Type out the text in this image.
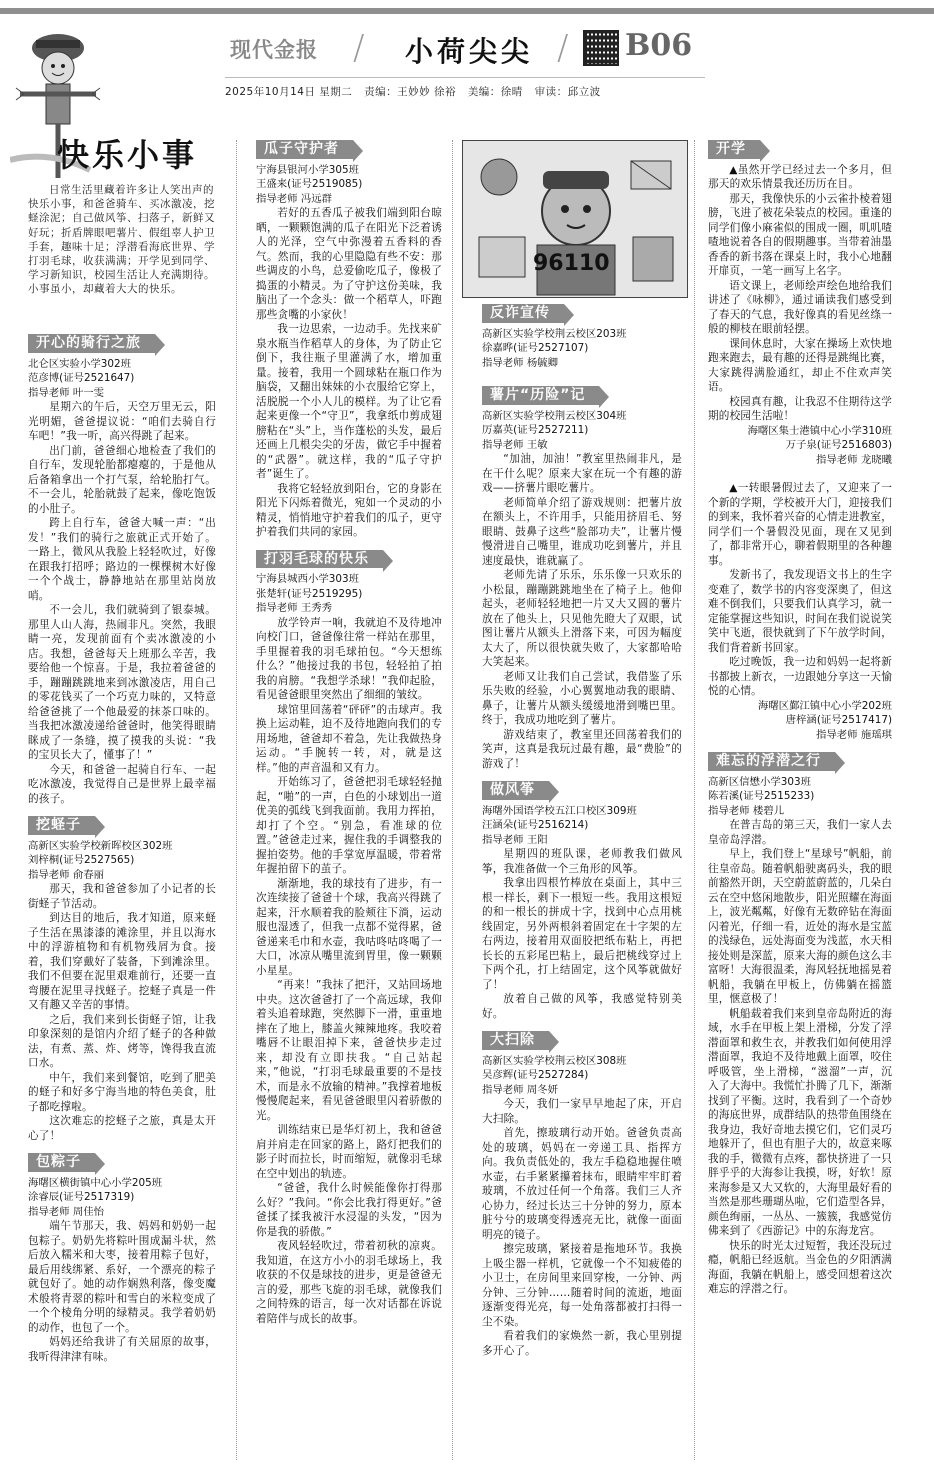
现代金报 / 小荷尖尖 / B06
2025年10月14日 星期二 责编：王妙妙 徐裕 美编：徐晴 审读：邱立波
快乐小事
日常生活里藏着许多让人笑出声的快乐小事，和爸爸骑车、买冰激凌，挖蛏涂泥；自己做风筝、扫落子，新鲜又好玩；折盾牌眼吧薯片、假组辜人护卫手套，趣味十足；浮潜看海底世界、学打羽毛球，收获满满；开学见到同学、学习新知识，校园生活让人充满期待。小事虽小，却藏着大大的快乐。
开心的骑行之旅
北仑区实验小学302班
范彦博(证号2521647)
指导老师 叶一雯

星期六的午后，天空万里无云，阳光明媚，爸爸提议说：“咱们去骑自行车吧！”我一听，高兴得跳了起来。

出门前，爸爸细心地检查了我们的自行车，发现轮胎都瘪瘪的，于是他从后备箱拿出一个打气泵，给轮胎打气。不一会儿，轮胎就鼓了起来，像吃饱饭的小肚子。

跨上自行车，爸爸大喊一声：“出发！”我们的骑行之旅就正式开始了。一路上，微风从我脸上轻轻吹过，好像在跟我打招呼；路边的一棵棵树木好像一个个战士，静静地站在那里站岗放哨。

不一会儿，我们就骑到了银泰城。那里人山人海，热闹非凡。突然，我眼睛一亮，发现前面有个卖冰激凌的小店。我想，爸爸每天上班那么辛苦，我要给他一个惊喜。于是，我拉着爸爸的手，蹦蹦跳跳地来到冰激凌店，用自己的零花钱买了一个巧克力味的，又特意给爸爸挑了一个他最爱的抹茶口味的。当我把冰激凌递给爸爸时，他笑得眼睛眯成了一条缝，摸了摸我的头说：“我的宝贝长大了，懂事了！”

今天，和爸爸一起骑自行车、一起吃冰激凌，我觉得自己是世界上最幸福的孩子。

挖蛏子
高新区实验学校新晖校区302班
刘梓桐(证号2527565)
指导老师 俞春丽

那天，我和爸爸参加了小记者的长街蛏子节活动。

到达目的地后，我才知道，原来蛏子生活在黑漆漆的滩涂里，并且以海水中的浮游植物和有机物残屑为食。接着，我们穿戴好了装备，下到滩涂里。我们不但要在泥里艰难前行，还要一直弯腰在泥里寻找蛏子。挖蛏子真是一件又有趣又辛苦的事情。

之后，我们来到长街蛏子馆，让我印象深刻的是馆内介绍了蛏子的各种做法，有煮、蒸、炸、烤等，馋得我直流口水。

中午，我们来到餐馆，吃到了肥美的蛏子和好多宁海当地的特色美食，肚子都吃撑啦。

这次难忘的挖蛏子之旅，真是太开心了！

包粽子
海曙区横街镇中心小学205班
涂睿辰(证号2517319)
指导老师 周佳怡

端午节那天，我、妈妈和奶奶一起包粽子。奶奶先将粽叶围成漏斗状，然后放入糯米和大枣，接着用粽子包好，最后用线绑紧、系好，一个漂亮的粽子就包好了。她的动作娴熟利落，像变魔术般将青翠的粽叶和雪白的米粒变成了一个个棱角分明的绿精灵。我学着奶奶的动作，也包了一个。

妈妈还给我讲了有关屈原的故事，我听得津津有味。

瓜子守护者
宁海县银河小学305班
王盛来(证号2519085)
指导老师 冯远群

若好的五香瓜子被我们端到阳台晾晒，一颗颗饱满的瓜子在阳光下泛着诱人的光泽，空气中弥漫着五香料的香气。然而，我的心里隐隐有些不安：那些调皮的小鸟，总爱偷吃瓜子，像极了捣蛋的小精灵。为了守护这份美味，我脑出了一个念头：做一个稻草人，吓跑那些贪嘴的小家伙！

我一边思索，一边动手。先找来矿泉水瓶当作稻草人的身体，为了防止它倒下，我往瓶子里灌满了水，增加重量。接着，我用一个圆球粘在瓶口作为脑袋，又翻出妹妹的小衣服给它穿上，活脱脱一个小人儿的模样。为了让它看起来更像一个“守卫”，我拿纸巾剪成翅膀粘在“头”上，当作蓬松的头发，最后还画上几根尖尖的牙齿，做它手中握着的“武器”。就这样，我的“瓜子守护者”诞生了。

我将它轻轻放到阳台，它的身影在阳光下闪烁着微光，宛如一个灵动的小精灵，悄悄地守护着我们的瓜子，更守护着我们共同的家园。

打羽毛球的快乐
宁海县城西小学303班
张楚轩(证号2519295)
指导老师 王秀秀

放学铃声一响，我就迫不及待地冲向校门口，爸爸像往常一样站在那里，手里握着我的羽毛球拍包。“今天想练什么？”他接过我的书包，轻轻拍了拍我的肩膀。“我想学杀球！”我仰起脸，看见爸爸眼里突然出了细细的皱纹。

球馆里回荡着“砰砰”的击球声。我换上运动鞋，迫不及待地跑向我们的专用场地，爸爸却不着急，先让我做热身运动。“手腕转一转，对，就是这样。”他的声音温和又有力。

开始练习了，爸爸把羽毛球轻轻抛起，“啪”的一声，白色的小球划出一道优美的弧线飞到我面前。我用力挥拍，却打了个空。“别急，看准球的位置。”爸爸走过来，握住我的手调整我的握拍姿势。他的手掌宽厚温暖，带着常年握拍留下的茧子。

渐渐地，我的球技有了进步，有一次连续接了爸爸十个球，我高兴得跳了起来，汗水顺着我的脸颊往下淌，运动服也湿透了，但我一点都不觉得累，爸爸递来毛巾和水壶，我咕咚咕咚喝了一大口，冰凉从嘴里流到胃里，像一颗颗小星星。

“再来！”我抹了把汗，又站回场地中央。这次爸爸打了一个高远球，我仰着头追着球跑，突然脚下一滑，重重地摔在了地上，膝盖火辣辣地疼。我咬着嘴唇不让眼泪掉下来，爸爸快步走过来，却没有立即扶我。“自己站起来，”他说，“打羽毛球最重要的不是技术，而是永不放输的精神。”我撑着地板慢慢爬起来，看见爸爸眼里闪着骄傲的光。

训练结束已是华灯初上，我和爸爸肩并肩走在回家的路上，路灯把我们的影子时而拉长，时而缩短，就像羽毛球在空中划出的轨迹。

“爸爸，我什么时候能像你打得那么好？”我问。“你会比我打得更好。”爸爸揉了揉我被汗水浸湿的头发，“因为你是我的骄傲。”

夜风轻轻吹过，带着初秋的凉爽。我知道，在这方小小的羽毛球场上，我收获的不仅是球技的进步，更是爸爸无言的爱，那些飞旋的羽毛球，就像我们之间特殊的语言，每一次对话都在诉说着陪伴与成长的故事。

96110
反诈宣传
高新区实验学校荆云校区203班
徐嘉晔(证号2527107)
指导老师 杨毓卿
薯片“历险”记
高新区实验学校荆云校区304班
厉嘉英(证号2527211)
指导老师 王敏

“加油，加油！”教室里热闹非凡，是在干什么呢？原来大家在玩一个有趣的游戏——挤薯片眼吃薯片。

老师简单介绍了游戏规则：把薯片放在额头上，不许用手，只能用挤眉毛、努眼睛、鼓鼻子这些“脸部功夫”，让薯片慢慢滑进自己嘴里，谁成功吃到薯片，并且速度最快，谁就赢了。

老师先请了乐乐，乐乐像一只欢乐的小松鼠，蹦蹦跳跳地坐在了椅子上。他仰起头，老师轻轻地把一片又大又圆的薯片放在了他头上，只见他先瞪大了双眼，试图让薯片从额头上滑落下来，可因为幅度太大了，所以很快就失败了，大家都哈哈大笑起来。

老师又让我们自己尝试，我借鉴了乐乐失败的经验，小心翼翼地动我的眼睛、鼻子，让薯片从额头缓缓地滑到嘴巴里。终于，我成功地吃到了薯片。

游戏结束了，教室里还回荡着我们的笑声，这真是我玩过最有趣，最“费脸”的游戏了！

做风筝
海曙外国语学校五江口校区309班
汪涵朵(证号2516214)
指导老师 王阳

星期四的班队课，老师教我们做风筝，我准备做一个三角形的风筝。

我拿出四根竹棒放在桌面上，其中三根一样长，剩下一根短一些。我用这根短的和一根长的拼成十字，找到中心点用桃线固定，另外两根斜着固定在十字架的左右两边，接着用双面胶把纸布粘上，再把长长的五彩尾巴粘上，最后把桃线穿过上下两个孔，打上结固定，这个风筝就做好了！

放着自己做的风筝，我感觉特别美好。

大扫除
高新区实验学校荆云校区308班
吴彦辉(证号2527284)
指导老师 周冬妍

今天，我们一家早早地起了床，开启大扫除。

首先，擦玻璃行动开始。爸爸负责高处的玻璃，妈妈在一旁递工具、指挥方向。我负责低处的，我左手稳稳地握住喷水壶，右手紧紧攥着抹布，眼睛牢牢盯着玻璃，不放过任何一个角落。我们三人齐心协力，经过长达三十分钟的努力，原本脏兮兮的玻璃变得透亮无比，就像一面面明亮的镜子。

擦完玻璃，紧接着是拖地环节。我换上吸尘器一样机，它就像一个不知疲倦的小卫士，在房间里来回穿梭，一分钟、两分钟、三分钟……随着时间的流逝，地面逐渐变得光亮，每一处角落都被打扫得一尘不染。

看着我们的家焕然一新，我心里别提多开心了。

开学

▲虽然开学已经过去一个多月，但那天的欢乐情景我还历历在目。

那天，我像快乐的小云雀扑棱着翅膀，飞进了被花朵装点的校园。重逢的同学们像小麻雀似的围成一圈，叽叽喳喳地说着各自的假期趣事。当带着油墨香香的新书落在课桌上时，我小心地翻开扉页，一笔一画写上名字。

语文课上，老师绘声绘色地给我们讲述了《咏柳》，通过诵读我们感受到了春天的气息，我好像真的看见丝绦一般的柳枝在眼前轻摆。

课间休息时，大家在操场上欢快地跑来跑去，最有趣的还得是跳绳比赛，大家跳得满脸通红，却止不住欢声笑语。

校园真有趣，让我忍不住期待这学期的校园生活啦！

海曙区集士港镇中心小学310班
万子泉(证号2516803)
指导老师 龙晓曦

▲一转眼暑假过去了，又迎来了一个新的学期，学校被开大门，迎接我们的到来，我怀着兴奋的心情走进教室，同学们一个暑假没见面，现在又见到了，都非常开心，聊着假期里的各种趣事。

发新书了，我发现语文书上的生字变难了，数学书的内容变深奥了，但这难不倒我们，只要我们认真学习，就一定能掌握这些知识，时间在我们说说笑笑中飞逝，很快就到了下午放学时间，我们背着新书回家。

吃过晚饭，我一边和妈妈一起将新书都披上新衣，一边跟她分享这一天愉悦的心情。

海曙区鄞江镇中心小学202班
唐梓涵(证号2517417)
指导老师 施瑶琪
难忘的浮潜之行
高新区信懋小学303班
陈若溪(证号2515233)
指导老师 楼碧儿

在普吉岛的第三天，我们一家人去皇帝岛浮潜。

早上，我们登上“星球号”帆船，前往皇帝岛。随着帆船驶离码头，我的眼前豁然开朗，天空蔚蓝蔚蓝的，几朵白云在空中悠闲地散步，阳光照耀在海面上，波光粼粼，好像有无数碎钻在海面闪着光，仔细一看，近处的海水是宝蓝的浅绿色，远处海面变为浅蓝，水天相接处则是深蓝，原来大海的颜色这么丰富呀！大海很温柔，海风轻抚地摇晃着帆船，我躺在甲板上，仿佛躺在摇篮里，惬意极了！

帆船载着我们来到皇帝岛附近的海域，水手在甲板上架上滑梯，分发了浮潜面罩和救生衣，并教我们如何使用浮潜面罩，我迫不及待地戴上面罩，咬住呼吸管，坐上滑梯，“滋溜”一声，沉入了大海中。我慌忙扑腾了几下，渐渐找到了平衡。这时，我看到了一个奇妙的海底世界，成群结队的热带鱼围绕在我身边，我好奇地去摸它们，它们灵巧地躲开了，但也有胆子大的，故意来啄我的手，微微有点疼，都快挤进了一只胖乎乎的大海参让我摸，呀，好软！原来海参是又大又软的，大海里最好看的当然是那些珊瑚丛啦，它们造型各异，颜色绚丽，一丛丛、一簇簇，我感觉仿佛来到了《西游记》中的东海龙宫。

快乐的时光太过短暂，我还没玩过瘾，帆船已经返航。当金色的夕阳洒满海面，我躺在帆船上，感受回想着这次难忘的浮潜之行。
